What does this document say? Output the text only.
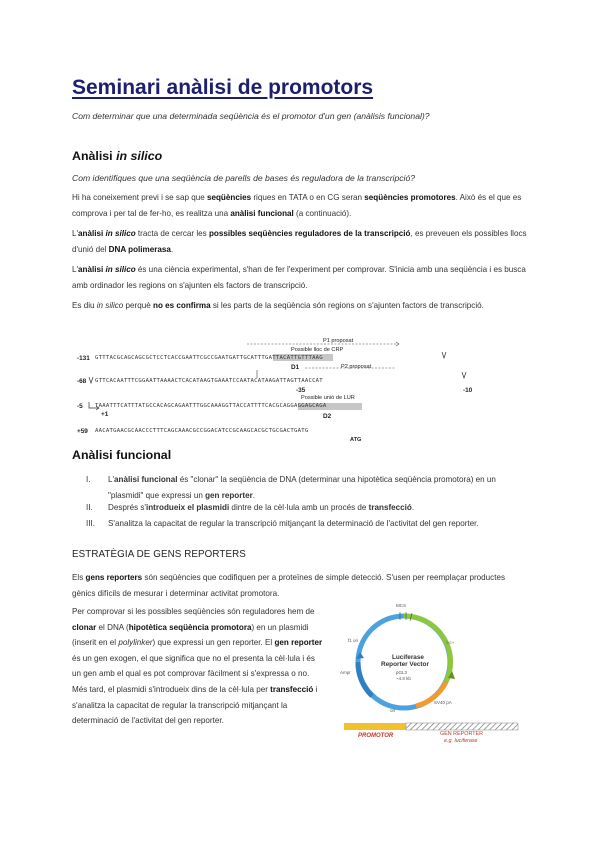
Seminari anàlisi de promotors
Com determinar que una determinada seqüència és el promotor d'un gen (anàlisis funcional)?
Anàlisi in silico
Com identifiques que una seqüència de parells de bases és reguladora de la transcripció?
Hi ha coneixement previ i se sap que seqüències riques en TATA o en CG seran seqüències promotores. Això és el que es comprova i per tal de fer-ho, es realitza una anàlisi funcional (a continuació).
L'anàlisi in silico tracta de cercar les possibles seqüències reguladores de la transcripció, es preveuen els possibles llocs d'unió del DNA polimerasa.
L'anàlisi in silico és una ciència experimental, s'han de fer l'experiment per comprovar. S'inicia amb una seqüència i es busca amb ordinador les regions on s'ajunten els factors de transcripció.
Es diu in silico perquè no es confirma si les parts de la seqüència són regions on s'ajunten factors de transcripció.
P1 proposat
Possible lloc de CRP
-131 GTTTACGCAGCAGCGCTCCTCACCGAATTCGCCGAATGATTGCATTTGATTACATTGTTTAAG
D1	P2 proposat
-68 GTTCACAATTTCGGAATTAAAACTCACATAAGTGAAATCCAATACATAAGATTAGTTAACCAT
-35	-10
Possible unió de LUR
-5 TAAATTTCATTTATGCCACAGCAGAATTTGGCAAAGGTTACCATTTTCACGCAGGAGGAGCAGA
+1	D2
+59 AACATGAACGCAACCCTTTCAGCAAACGCCGGACATCCGCAAGCACGCTGCGACTGATG
ATG
Anàlisi funcional
I. L'anàlisi funcional és "clonar" la seqüència de DNA (determinar una hipotètica seqüència promotora) en un "plasmidi" que expressi un gen reporter.
II. Després s'introdueix el plasmidi dintre de la cèl·lula amb un procés de transfecció.
III. S'analitza la capacitat de regular la transcripció mitjançant la determinació de l'activitat del gen reporter.
ESTRATÈGIA DE GENS REPORTERS
Els gens reporters són seqüències que codifiquen per a proteïnes de simple detecció. S'usen per reemplaçar productes gènics difícils de mesurar i determinar activitat promotora.
Per comprovar si les possibles seqüències són reguladores hem de clonar el DNA (hipotètica seqüència promotora) en un plasmidi (inserit en el polylinker) que expressi un gen reporter. El gen reporter és un gen exogen, el que significa que no el presenta la cèl·lula i és un gen amb el qual es pot comprovar fàcilment si s'expressa o no. Més tard, el plasmidi s'introdueix dins de la cèl·lula per transfecció i s'analitza la capacitat de regular la transcripció mitjançant la determinació de l'activitat del gen reporter.
Luciferase
Reporter Vector
pGL3
~4.8 kb
luc+
f1 ori
Ampr
ori
SV40 pA
MCS
PROMOTOR	GEN REPORTER
e.g. luciferase
